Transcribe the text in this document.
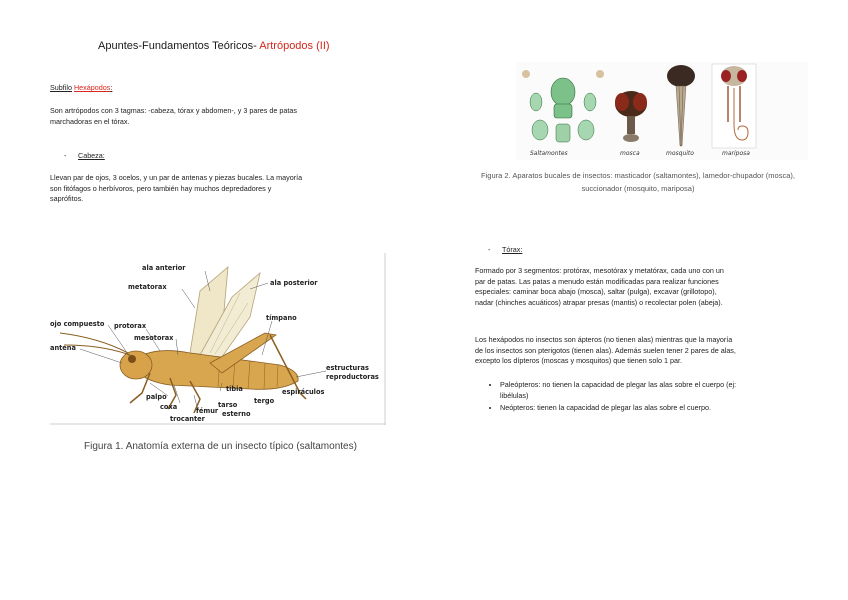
Apuntes-Fundamentos Teóricos- Artrópodos (II)
Subfilo Hexápodos:
Son artrópodos con 3 tagmas: -cabeza, tórax y abdomen-, y 3 pares de patas
marchadoras en el tórax.
- Cabeza:
Llevan par de ojos, 3 ocelos, y un par de antenas y piezas bucales. La mayoría
son fitófagos o herbívoros, pero también hay muchos depredadores y
saprófitos.
ala anterior
metatorax	ala posterior
ojo compuesto protorax
tímpano
mesotorax
antena
estructuras
reproductoras
tibia	espiráculos
palpo
tarso	tergo
coxa	fémur esterno
trocanter
Figura 1. Anatomía externa de un insecto típico (saltamontes)
Saltamontes	mosca	mosquito	mariposa
Figura 2. Aparatos bucales de insectos: masticador (saltamontes), lamedor-chupador (mosca),
succionador (mosquito, mariposa)
- Tórax:
Formado por 3 segmentos: protórax, mesotórax y metatórax, cada uno con un
par de patas. Las patas a menudo están modificadas para realizar funciones
especiales: caminar boca abajo (mosca), saltar (pulga), excavar (grillotopo),
nadar (chinches acuáticos) atrapar presas (mantis) o recolectar polen (abeja).
Los hexápodos no insectos son ápteros (no tienen alas) mientras que la mayoría
de los insectos son pterigotos (tienen alas). Además suelen tener 2 pares de alas,
excepto los dípteros (moscas y mosquitos) que tienen solo 1 par.
• Paleópteros: no tienen la capacidad de plegar las alas sobre el cuerpo (ej:
libélulas)
• Neópteros: tienen la capacidad de plegar las alas sobre el cuerpo.
